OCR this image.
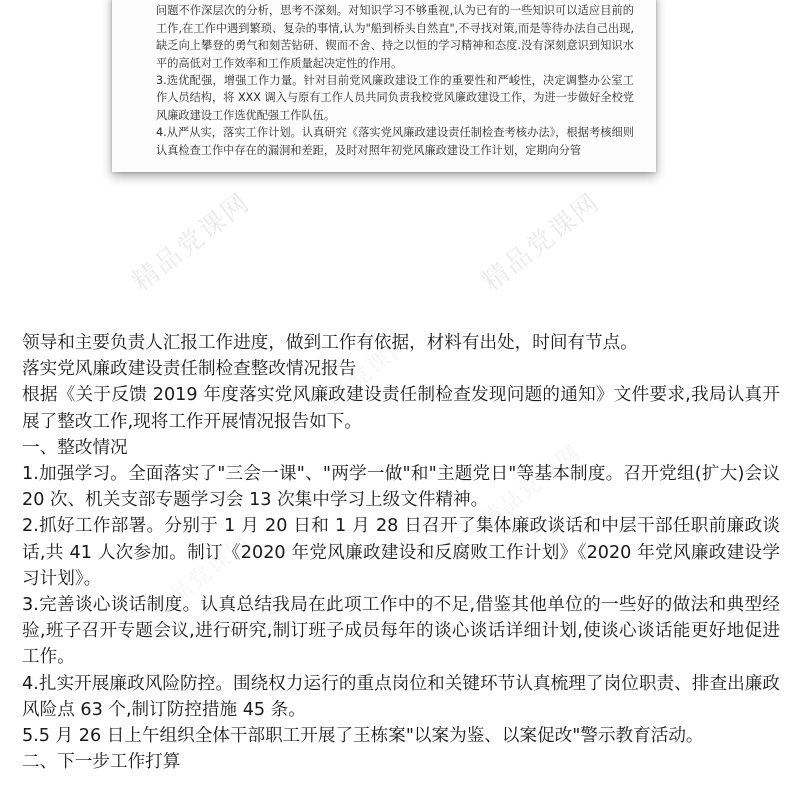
问题不作深层次的分析，思考不深刻。对知识学习不够重视,认为已有的一些知识可以适应目前的工作,在工作中遇到繁琐、复杂的事情,认为"船到桥头自然直",不寻找对策,而是等待办法自己出现,缺乏向上攀登的勇气和刻苦钻研、锲而不舍、持之以恒的学习精神和态度.没有深刻意识到知识水平的高低对工作效率和工作质量起决定性的作用。

3.选优配强，增强工作力量。针对目前党风廉政建设工作的重要性和严峻性，决定调整办公室工作人员结构，将 XXX 调入与原有工作人员共同负责我校党风廉政建设工作，为进一步做好全校党风廉政建设工作选优配强工作队伍。

4.从严从实，落实工作计划。认真研究《落实党风廉政建设责任制检查考核办法》，根据考核细则认真检查工作中存在的漏洞和差距，及时对照年初党风廉政建设工作计划，定期向分管

精品党课网	精品党课网
精品党课网
精品党课网
精品党课网

领导和主要负责人汇报工作进度，做到工作有依据，材料有出处，时间有节点。

落实党风廉政建设责任制检查整改情况报告

根据《关于反馈 2019 年度落实党风廉政建设责任制检查发现问题的通知》文件要求,我局认真开展了整改工作,现将工作开展情况报告如下。

一、整改情况

1.加强学习。全面落实了"三会一课"、"两学一做"和"主题党日"等基本制度。召开党组(扩大)会议 20 次、机关支部专题学习会 13 次集中学习上级文件精神。

2.抓好工作部署。分别于 1 月 20 日和 1 月 28 日召开了集体廉政谈话和中层干部任职前廉政谈话,共 41 人次参加。制订《2020 年党风廉政建设和反腐败工作计划》《2020 年党风廉政建设学习计划》。

3.完善谈心谈话制度。认真总结我局在此项工作中的不足,借鉴其他单位的一些好的做法和典型经验,班子召开专题会议,进行研究,制订班子成员每年的谈心谈话详细计划,使谈心谈话能更好地促进工作。

4.扎实开展廉政风险防控。围绕权力运行的重点岗位和关键环节认真梳理了岗位职责、排查出廉政风险点 63 个,制订防控措施 45 条。

5.5 月 26 日上午组织全体干部职工开展了王栋案"以案为鉴、以案促改"警示教育活动。

二、下一步工作打算
